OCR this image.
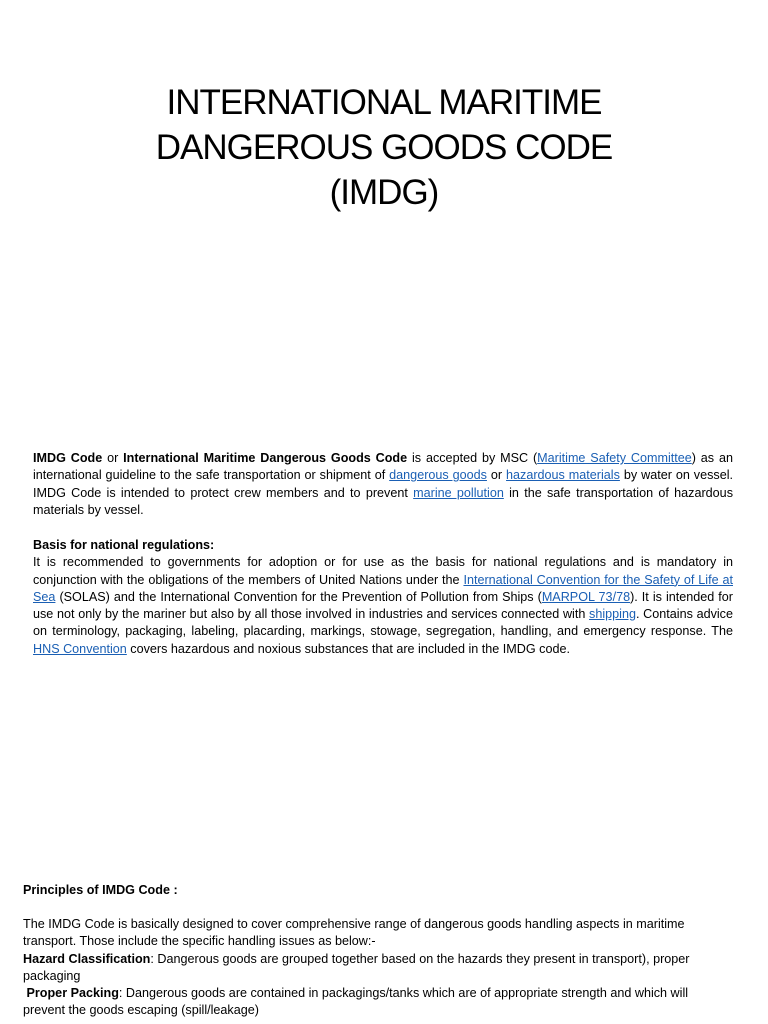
INTERNATIONAL MARITIME
DANGEROUS GOODS CODE
(IMDG)

IMDG Code or International Maritime Dangerous Goods Code is accepted by MSC (Maritime Safety Committee) as an international guideline to the safe transportation or shipment of dangerous goods or hazardous materials by water on vessel. IMDG Code is intended to protect crew members and to prevent marine pollution in the safe transportation of hazardous materials by vessel.

Basis for national regulations:
It is recommended to governments for adoption or for use as the basis for national regulations and is mandatory in conjunction with the obligations of the members of United Nations under the International Convention for the Safety of Life at Sea (SOLAS) and the International Convention for the Prevention of Pollution from Ships (MARPOL 73/78). It is intended for use not only by the mariner but also by all those involved in industries and services connected with shipping. Contains advice on terminology, packaging, labeling, placarding, markings, stowage, segregation, handling, and emergency response. The HNS Convention covers hazardous and noxious substances that are included in the IMDG code.
Principles of IMDG Code :
The IMDG Code is basically designed to cover comprehensive range of dangerous goods handling aspects in maritime transport. Those include the specific handling issues as below:-
Hazard Classification: Dangerous goods are grouped together based on the hazards they present in transport), proper packaging
Proper Packing: Dangerous goods are contained in packagings/tanks which are of appropriate strength and which will prevent the goods escaping (spill/leakage)
